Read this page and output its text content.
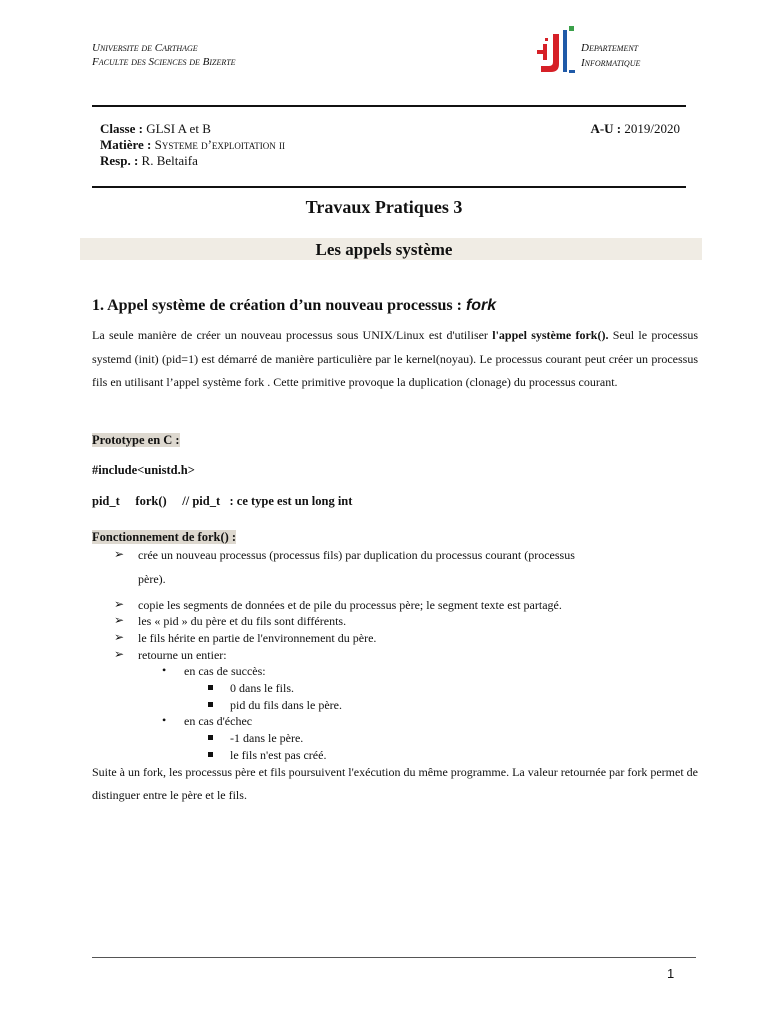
Universite de Carthage
Faculte des Sciences de Bizerte
Departement
Informatique
Classe : GLSI A et B	A-U : 2019/2020
Matière : Systeme d’exploitation ii
Resp. : R. Beltaifa
Travaux Pratiques 3
Les appels système
1. Appel système de création d’un nouveau processus : fork
La seule manière de créer un nouveau processus sous UNIX/Linux est d'utiliser l'appel système fork(). Seul le processus systemd (init) (pid=1) est démarré de manière particulière par le kernel(noyau). Le processus courant peut créer un processus fils en utilisant l’appel système fork . Cette primitive provoque la duplication (clonage) du processus courant.
Prototype en C :
#include<unistd.h>
pid_t     fork()     // pid_t   : ce type est un long int
Fonctionnement de fork() :
➢ crée un nouveau processus (processus fils) par duplication du processus courant (processus
père).
➢ copie les segments de données et de pile du processus père; le segment texte est partagé.
➢ les « pid » du père et du fils sont différents.
➢ le fils hérite en partie de l'environnement du père.
➢ retourne un entier:
• en cas de succès:
0 dans le fils.
pid du fils dans le père.
• en cas d'échec
-1 dans le père.
le fils n'est pas créé.
Suite à un fork, les processus père et fils poursuivent l'exécution du même programme. La valeur retournée par fork permet de distinguer entre le père et le fils.
1
